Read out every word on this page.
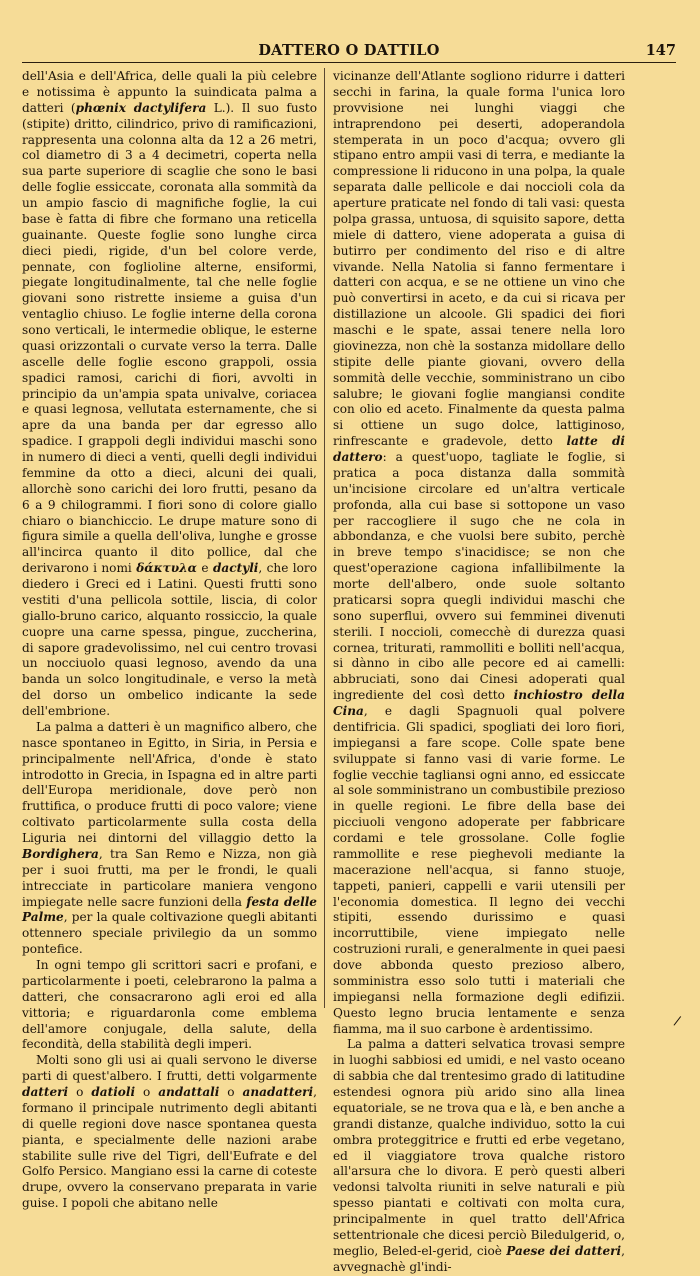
DATTERO O DATTILO	147

dell'Asia e dell'Africa, delle quali la più celebre e notissima è appunto la suindicata palma a datteri (phœnix dactylifera L.). Il suo fusto (stipite) dritto, cilindrico, privo di ramificazioni, rappresenta una colonna alta da 12 a 26 metri, col diametro di 3 a 4 decimetri, coperta nella sua parte superiore di scaglie che sono le basi delle foglie essiccate, coronata alla sommità da un ampio fascio di magnifiche foglie, la cui base è fatta di fibre che formano una reticella guainante. Queste foglie sono lunghe circa dieci piedi, rigide, d'un bel colore verde, pennate, con foglioline alterne, ensiformi, piegate longitudinalmente, tal che nelle foglie giovani sono ristrette insieme a guisa d'un ventaglio chiuso. Le foglie interne della corona sono verticali, le intermedie oblique, le esterne quasi orizzontali o curvate verso la terra. Dalle ascelle delle foglie escono grappoli, ossia spadici ramosi, carichi di fiori, avvolti in principio da un'ampia spata univalve, coriacea e quasi legnosa, vellutata esternamente, che si apre da una banda per dar egresso allo spadice. I grappoli degli individui maschi sono in numero di dieci a venti, quelli degli individui femmine da otto a dieci, alcuni dei quali, allorchè sono carichi dei loro frutti, pesano da 6 a 9 chilogrammi. I fiori sono di colore giallo chiaro o bianchiccio. Le drupe mature sono di figura simile a quella dell'oliva, lunghe e grosse all'incirca quanto il dito pollice, dal che derivarono i nomi δάκτυλα e dactyli, che loro diedero i Greci ed i Latini. Questi frutti sono vestiti d'una pellicola sottile, liscia, di color giallo-bruno carico, alquanto rossiccio, la quale cuopre una carne spessa, pingue, zuccherina, di sapore gradevolissimo, nel cui centro trovasi un nocciuolo quasi legnoso, avendo da una banda un solco longitudinale, e verso la metà del dorso un ombelico indicante la sede dell'embrione.

La palma a datteri è un magnifico albero, che nasce spontaneo in Egitto, in Siria, in Persia e principalmente nell'Africa, d'onde è stato introdotto in Grecia, in Ispagna ed in altre parti dell'Europa meridionale, dove però non fruttifica, o produce frutti di poco valore; viene coltivato particolarmente sulla costa della Liguria nei dintorni del villaggio detto la Bordighera, tra San Remo e Nizza, non già per i suoi frutti, ma per le frondi, le quali intrecciate in particolare maniera vengono impiegate nelle sacre funzioni della festa delle Palme, per la quale coltivazione quegli abitanti ottennero speciale privilegio da un sommo pontefice.

In ogni tempo gli scrittori sacri e profani, e particolarmente i poeti, celebrarono la palma a datteri, che consacrarono agli eroi ed alla vittoria; e riguardaronla come emblema dell'amore conjugale, della salute, della fecondità, della stabilità degli imperi.

Molti sono gli usi ai quali servono le diverse parti di quest'albero. I frutti, detti volgarmente datteri o datioli o andattali o anadatteri, formano il principale nutrimento degli abitanti di quelle regioni dove nasce spontanea questa pianta, e specialmente delle nazioni arabe stabilite sulle rive del Tigri, dell'Eufrate e del Golfo Persico. Mangiano essi la carne di coteste drupe, ovvero la conservano preparata in varie guise. I popoli che abitano nelle

vicinanze dell'Atlante sogliono ridurre i datteri secchi in farina, la quale forma l'unica loro provvisione nei lunghi viaggi che intraprendono pei deserti, adoperandola stemperata in un poco d'acqua; ovvero gli stipano entro ampii vasi di terra, e mediante la compressione li riducono in una polpa, la quale separata dalle pellicole e dai noccioli cola da aperture praticate nel fondo di tali vasi: questa polpa grassa, untuosa, di squisito sapore, detta miele di dattero, viene adoperata a guisa di butirro per condimento del riso e di altre vivande. Nella Natolia si fanno fermentare i datteri con acqua, e se ne ottiene un vino che può convertirsi in aceto, e da cui si ricava per distillazione un alcoole. Gli spadici dei fiori maschi e le spate, assai tenere nella loro giovinezza, non chè la sostanza midollare dello stipite delle piante giovani, ovvero della sommità delle vecchie, somministrano un cibo salubre; le giovani foglie mangiansi condite con olio ed aceto. Finalmente da questa palma si ottiene un sugo dolce, lattiginoso, rinfrescante e gradevole, detto latte di dattero: a quest'uopo, tagliate le foglie, si pratica a poca distanza dalla sommità un'incisione circolare ed un'altra verticale profonda, alla cui base si sottopone un vaso per raccogliere il sugo che ne cola in abbondanza, e che vuolsi bere subito, perchè in breve tempo s'inacidisce; se non che quest'operazione cagiona infallibilmente la morte dell'albero, onde suole soltanto praticarsi sopra quegli individui maschi che sono superflui, ovvero sui femminei divenuti sterili. I noccioli, comecchè di durezza quasi cornea, triturati, rammolliti e bolliti nell'acqua, si dànno in cibo alle pecore ed ai camelli: abbruciati, sono dai Cinesi adoperati qual ingrediente del così detto inchiostro della Cina, e dagli Spagnuoli qual polvere dentifricia. Gli spadici, spogliati dei loro fiori, impiegansi a fare scope. Colle spate bene sviluppate si fanno vasi di varie forme. Le foglie vecchie tagliansi ogni anno, ed essiccate al sole somministrano un combustibile prezioso in quelle regioni. Le fibre della base dei picciuoli vengono adoperate per fabbricare cordami e tele grossolane. Colle foglie rammollite e rese pieghevoli mediante la macerazione nell'acqua, si fanno stuoje, tappeti, panieri, cappelli e varii utensili per l'economia domestica. Il legno dei vecchi stipiti, essendo durissimo e quasi incorruttibile, viene impiegato nelle costruzioni rurali, e generalmente in quei paesi dove abbonda questo prezioso albero, somministra esso solo tutti i materiali che impiegansi nella formazione degli edifizii. Questo legno brucia lentamente e senza fiamma, ma il suo carbone è ardentissimo.

La palma a datteri selvatica trovasi sempre in luoghi sabbiosi ed umidi, e nel vasto oceano di sabbia che dal trentesimo grado di latitudine estendesi ognora più arido sino alla linea equatoriale, se ne trova qua e là, e ben anche a grandi distanze, qualche individuo, sotto la cui ombra proteggitrice e frutti ed erbe vegetano, ed il viaggiatore trova qualche ristoro all'arsura che lo divora. E però questi alberi vedonsi talvolta riuniti in selve naturali e più spesso piantati e coltivati con molta cura, principalmente in quel tratto dell'Africa settentrionale che dicesi perciò Biledulgerid, o, meglio, Beled-el-gerid, cioè Paese dei datteri, avvegnachè gl'indi-

/
